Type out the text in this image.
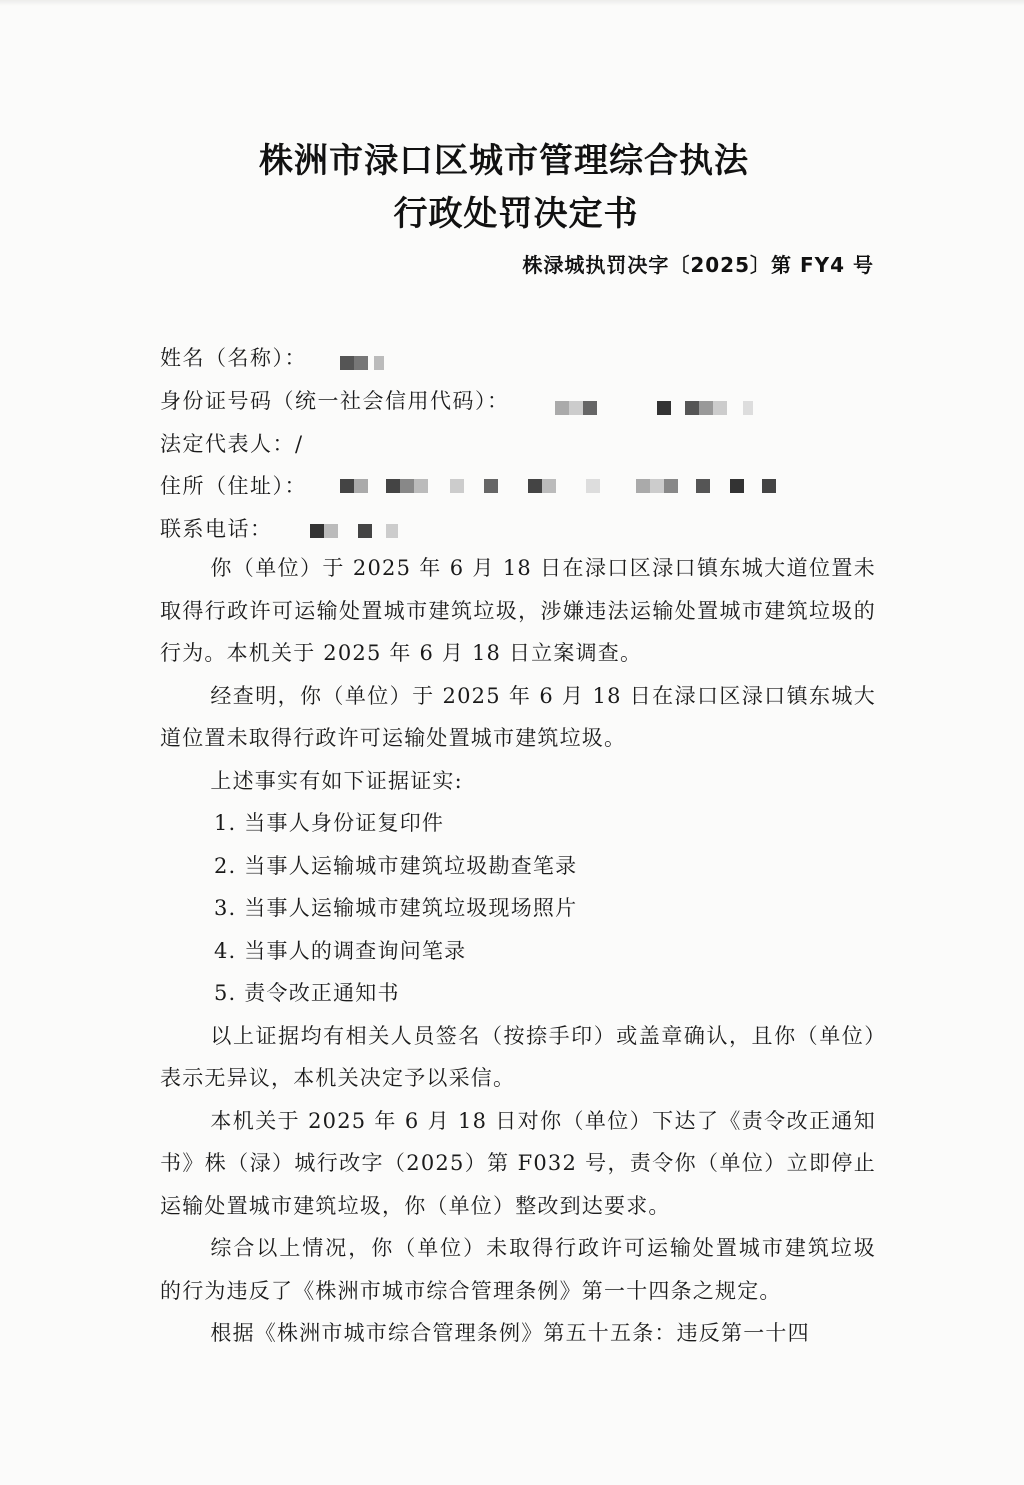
株洲市渌口区城市管理综合执法
行政处罚决定书
株渌城执罚决字〔2025〕第 FY4 号
姓名（名称）：
身份证号码（统一社会信用代码）：
法定代表人：/
住所（住址）：
联系电话：

你（单位）于 2025 年 6 月 18 日在渌口区渌口镇东城大道位置未取得行政许可运输处置城市建筑垃圾，涉嫌违法运输处置城市建筑垃圾的行为。本机关于 2025 年 6 月 18 日立案调查。

经查明，你（单位）于 2025 年 6 月 18 日在渌口区渌口镇东城大道位置未取得行政许可运输处置城市建筑垃圾。

上述事实有如下证据证实:

1. 当事人身份证复印件

2. 当事人运输城市建筑垃圾勘查笔录

3. 当事人运输城市建筑垃圾现场照片

4. 当事人的调查询问笔录

5. 责令改正通知书

以上证据均有相关人员签名（按捺手印）或盖章确认，且你（单位）表示无异议，本机关决定予以采信。

本机关于 2025 年 6 月 18 日对你（单位）下达了《责令改正通知书》株（渌）城行改字（2025）第 F032 号，责令你（单位）立即停止运输处置城市建筑垃圾，你（单位）整改到达要求。

综合以上情况，你（单位）未取得行政许可运输处置城市建筑垃圾的行为违反了《株洲市城市综合管理条例》第一十四条之规定。

根据《株洲市城市综合管理条例》第五十五条：违反第一十四
